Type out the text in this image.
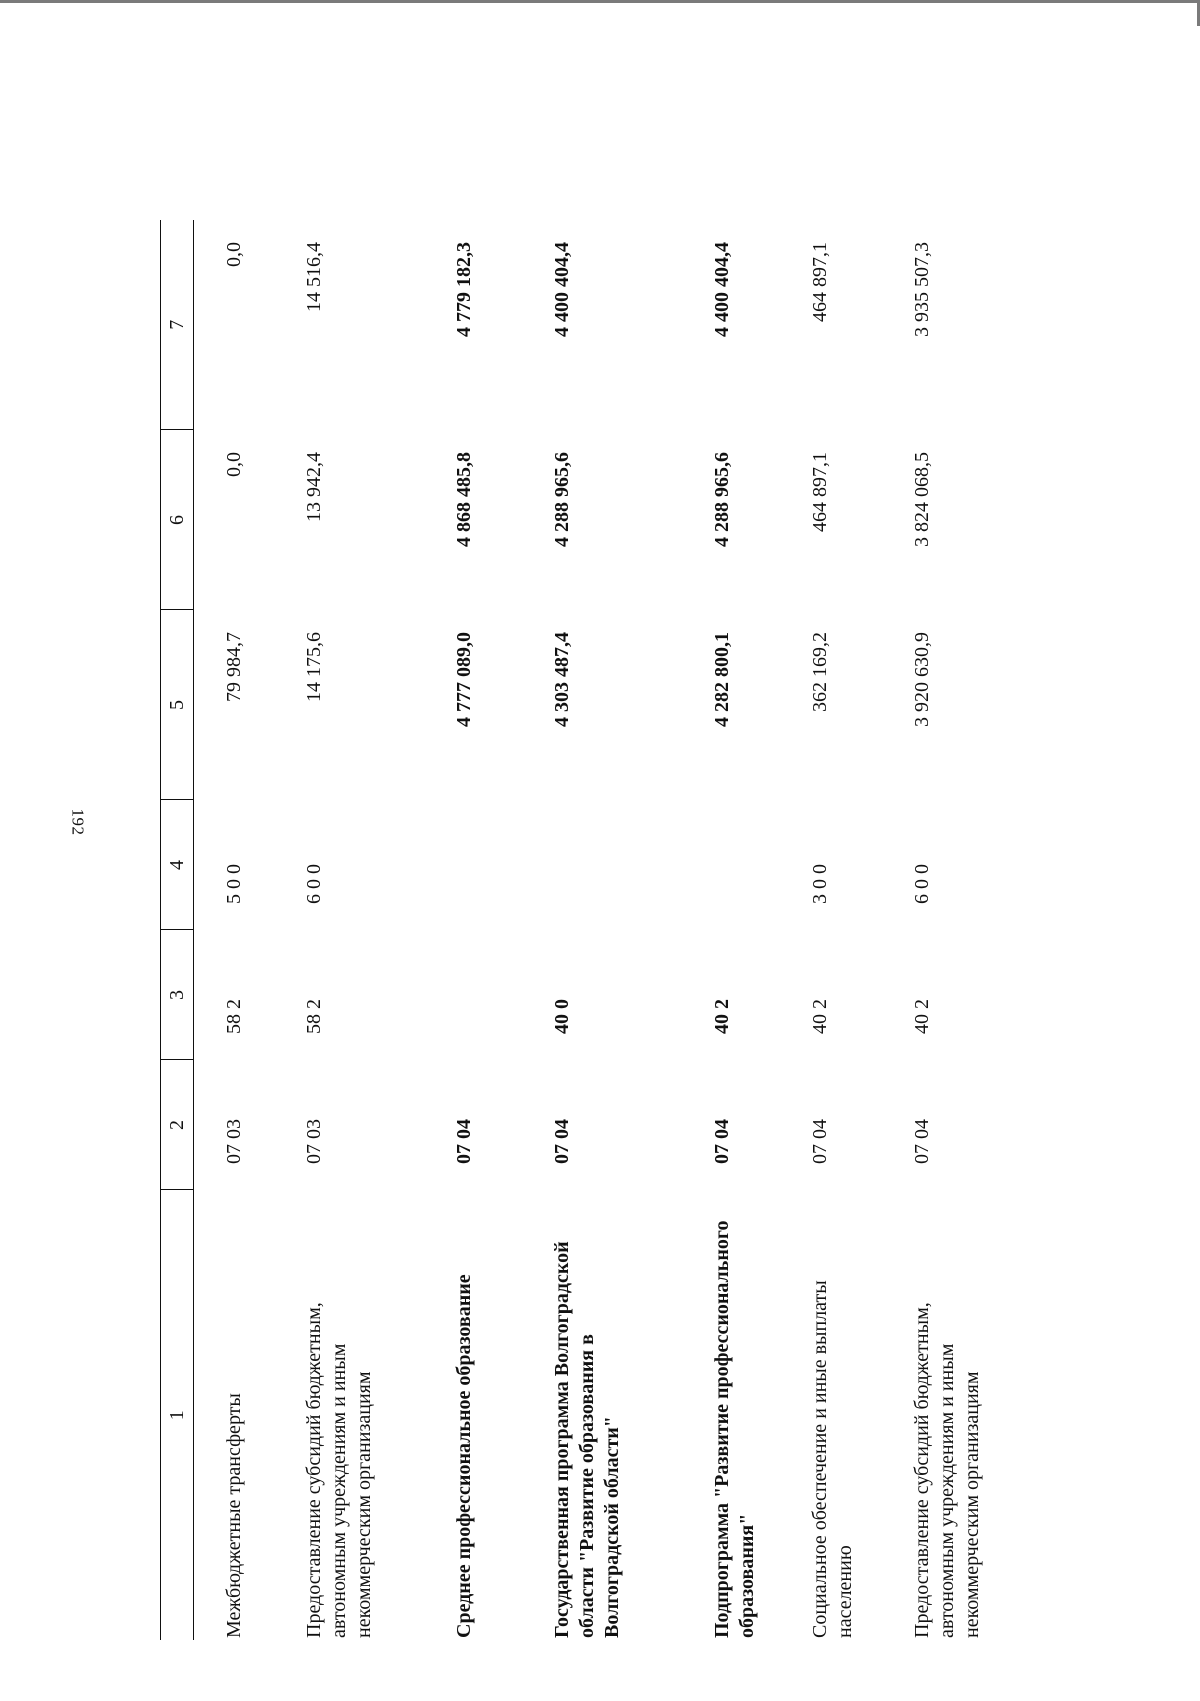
192
1	2	3	4	5	6	7

Межбюджетные трансферты	07 03	58 2	5 0 0	79 984,7	0,0	0,0
Предоставление субсидий бюджетным, автономным учреждениям и иным некоммерческим организациям	07 03	58 2	6 0 0	14 175,6	13 942,4	14 516,4
Среднее профессиональное образование	07 04			4 777 089,0	4 868 485,8	4 779 182,3
Государственная программа Волгоградской области "Развитие образования в Волгоградской области"	07 04	40 0		4 303 487,4	4 288 965,6	4 400 404,4
Подпрограмма "Развитие профессионального образования"	07 04	40 2		4 282 800,1	4 288 965,6	4 400 404,4
Социальное обеспечение и иные выплаты населению	07 04	40 2	3 0 0	362 169,2	464 897,1	464 897,1
Предоставление субсидий бюджетным, автономным учреждениям и иным некоммерческим организациям	07 04	40 2	6 0 0	3 920 630,9	3 824 068,5	3 935 507,3
